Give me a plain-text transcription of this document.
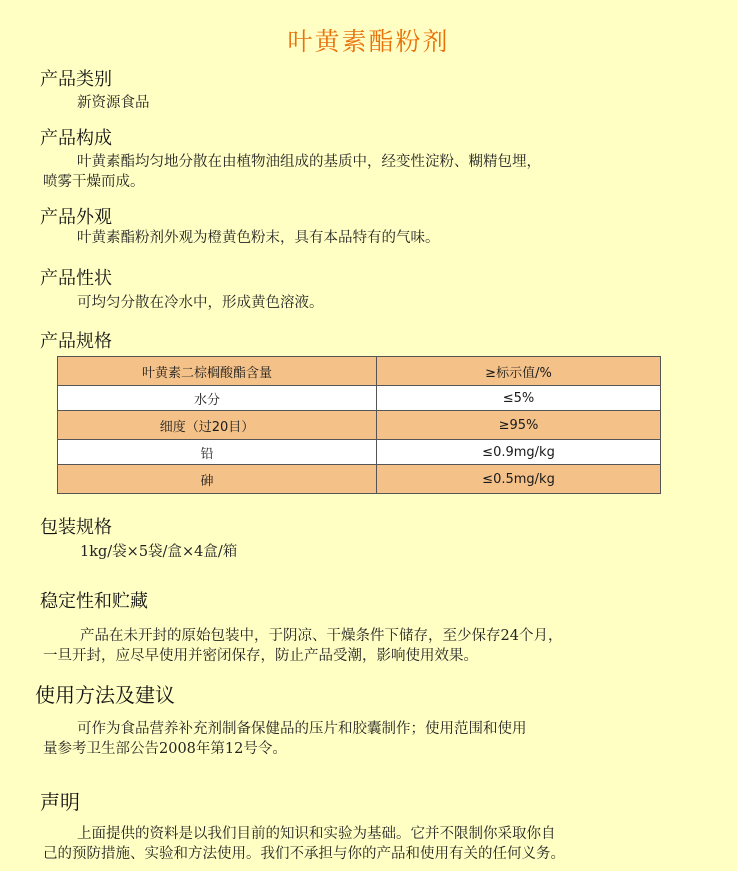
叶黄素酯粉剂
产品类别
新资源食品
产品构成
叶黄素酯均匀地分散在由植物油组成的基质中，经变性淀粉、糊精包埋，
喷雾干燥而成。
产品外观
叶黄素酯粉剂外观为橙黄色粉末，具有本品特有的气味。
产品性状
可均匀分散在冷水中，形成黄色溶液。
产品规格
叶黄素二棕榈酸酯含量	≥标示值/%
水分	≤5%
细度（过20目）	≥95%
铅	≤0.9mg/kg
砷	≤0.5mg/kg
包装规格
1kg/袋×5袋/盒×4盒/箱
稳定性和贮藏
产品在未开封的原始包装中，于阴凉、干燥条件下储存，至少保存24个月，
一旦开封，应尽早使用并密闭保存，防止产品受潮，影响使用效果。
使用方法及建议
可作为食品营养补充剂制备保健品的压片和胶囊制作；使用范围和使用
量参考卫生部公告2008年第12号令。
声明
上面提供的资料是以我们目前的知识和实验为基础。它并不限制你采取你自
己的预防措施、实验和方法使用。我们不承担与你的产品和使用有关的任何义务。
